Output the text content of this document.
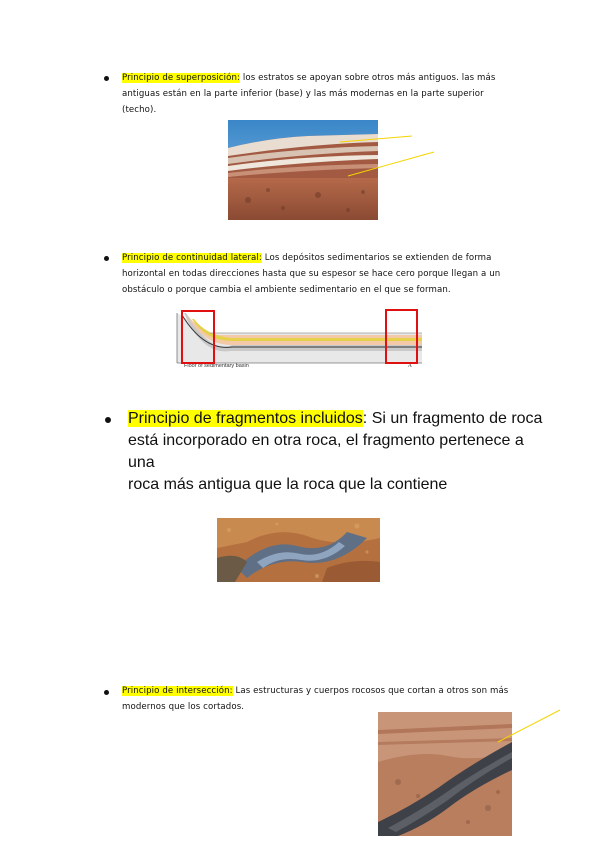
Principio de superposición: los estratos se apoyan sobre otros más antiguos. las más
antiguas están en la parte inferior (base) y las más modernas en la parte superior
(techo).
Principio de continuidad lateral: Los depósitos sedimentarios se extienden de forma
horizontal en todas direcciones hasta que su espesor se hace cero porque llegan a un
obstáculo o porque cambia el ambiente sedimentario en el que se forman.
Floor of sedimentary basin	A
Principio de fragmentos incluidos: Si un fragmento de roca
está incorporado en otra roca, el fragmento pertenece a una
roca más antigua que la roca que la contiene
Principio de intersección: Las estructuras y cuerpos rocosos que cortan a otros son más
modernos que los cortados.
